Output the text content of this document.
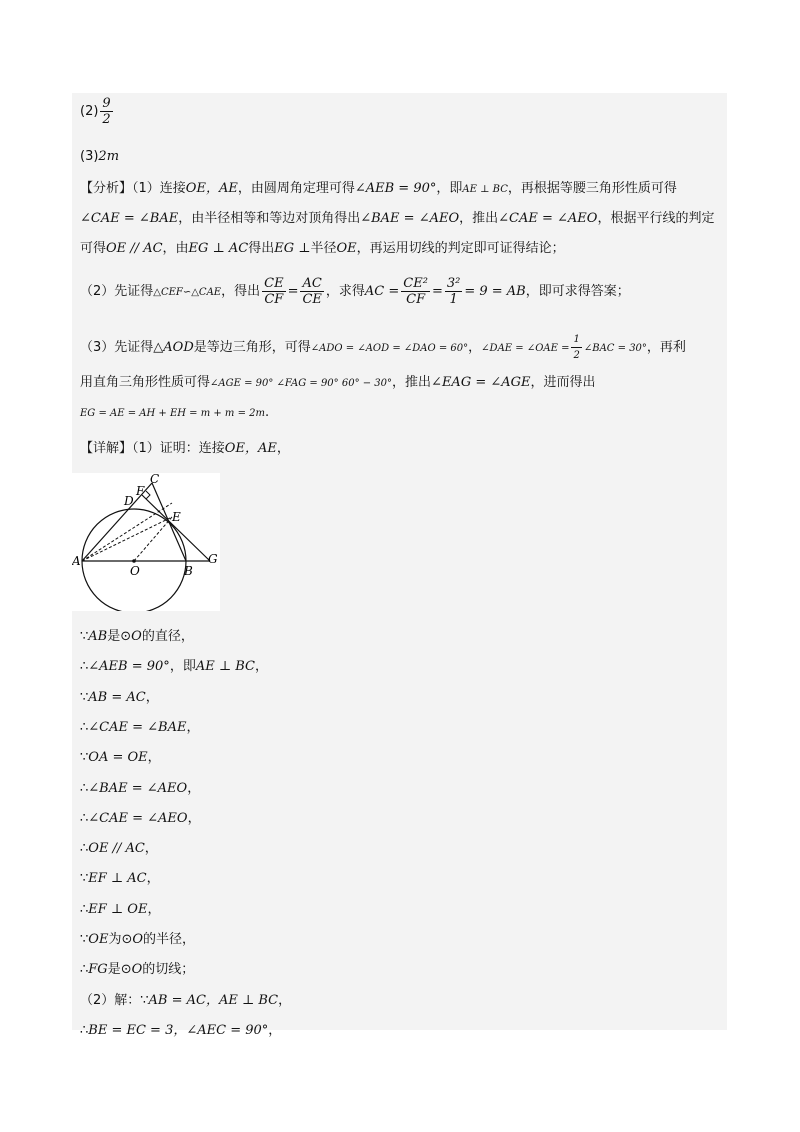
$(2) \frac{9}{2}$
(3)2m
【分析】（1）连接OE，AE，由圆周角定理可得∠AEB = 90°，即AE ⊥ BC，再根据等腰三角形性质可得
∠CAE = ∠BAE，由半径相等和等边对顶角得出∠BAE = ∠AEO，推出∠CAE = ∠AEO，根据平行线的判定
可得OE // AC，由EG ⊥ AC得出EG ⊥半径OE，再运用切线的判定即可证得结论；
（2）先证得△CEF∽△CAE，得出 $\frac{CE}{CF} = \frac{AC}{CE}$ ，求得AC = $\frac{\text{CE²}}{CF} = \frac{\text{3²}}{1} = 9$ = AB，即可求得答案；
（3）先证得△AOD是等边三角形，可得∠ADO = ∠AOD = ∠DAO = 60°，∠DAE = ∠OAE = $\frac{1}{2}$ ∠BAC = 30°，再利
用直角三角形性质可得∠AGE = 90° ∠FAG = 90° 60° − 30°，推出∠EAG = ∠AGE，进而得出
EG = AE = AH + EH = m + m = 2m.
【详解】（1）证明：连接OE，AE，
C
F
D
E
A
O	B
G
∵AB是⊙O的直径，
∴∠AEB = 90°，即AE ⊥ BC，
∵AB = AC，
∴∠CAE = ∠BAE，
∵OA = OE，
∴∠BAE = ∠AEO，
∴∠CAE = ∠AEO，
∴OE // AC，
∵EF ⊥ AC，
∴EF ⊥ OE，
∵OE为⊙O的半径，
∴FG是⊙O的切线；
（2）解：∵AB = AC，AE ⊥ BC，
∴BE = EC = 3，∠AEC = 90°，
